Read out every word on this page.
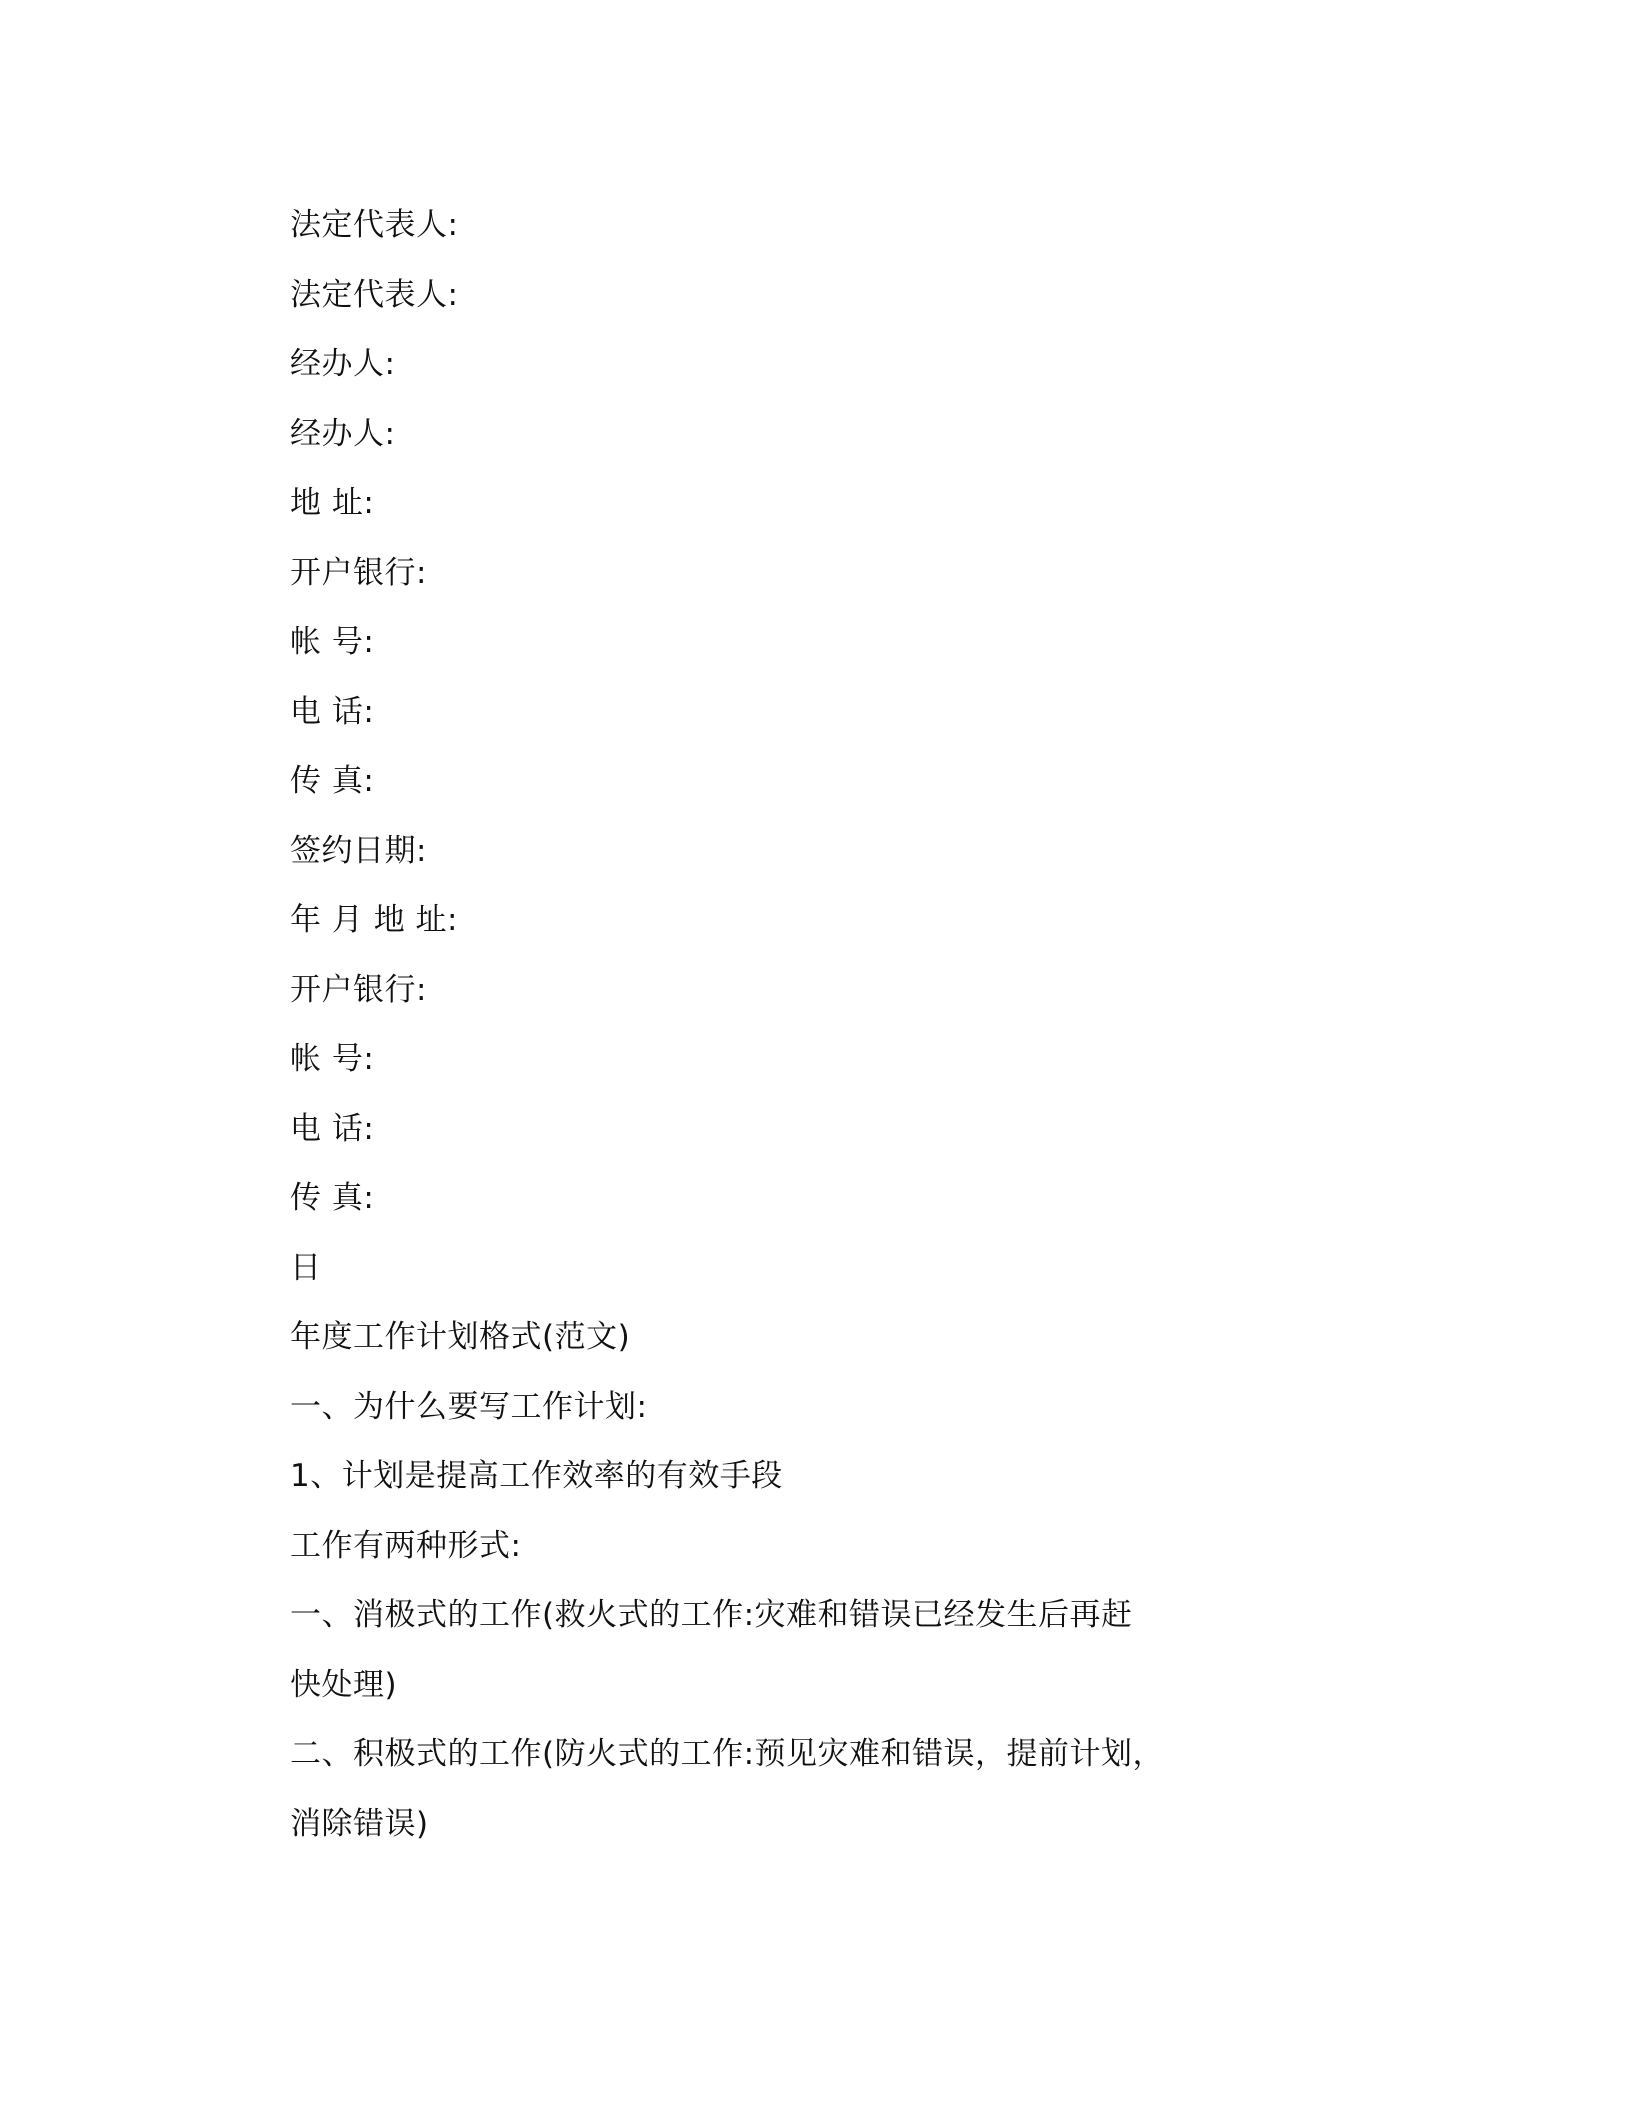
法定代表人:
法定代表人:
经办人:
经办人:
地 址:
开户银行:
帐 号:
电 话:
传 真:
签约日期:
年 月 地 址:
开户银行:
帐 号:
电 话:
传 真:
日
年度工作计划格式(范文)
一、为什么要写工作计划:
1、计划是提高工作效率的有效手段
工作有两种形式:
一、消极式的工作(救火式的工作:灾难和错误已经发生后再赶
快处理)
二、积极式的工作(防火式的工作:预见灾难和错误，提前计划，
消除错误)
